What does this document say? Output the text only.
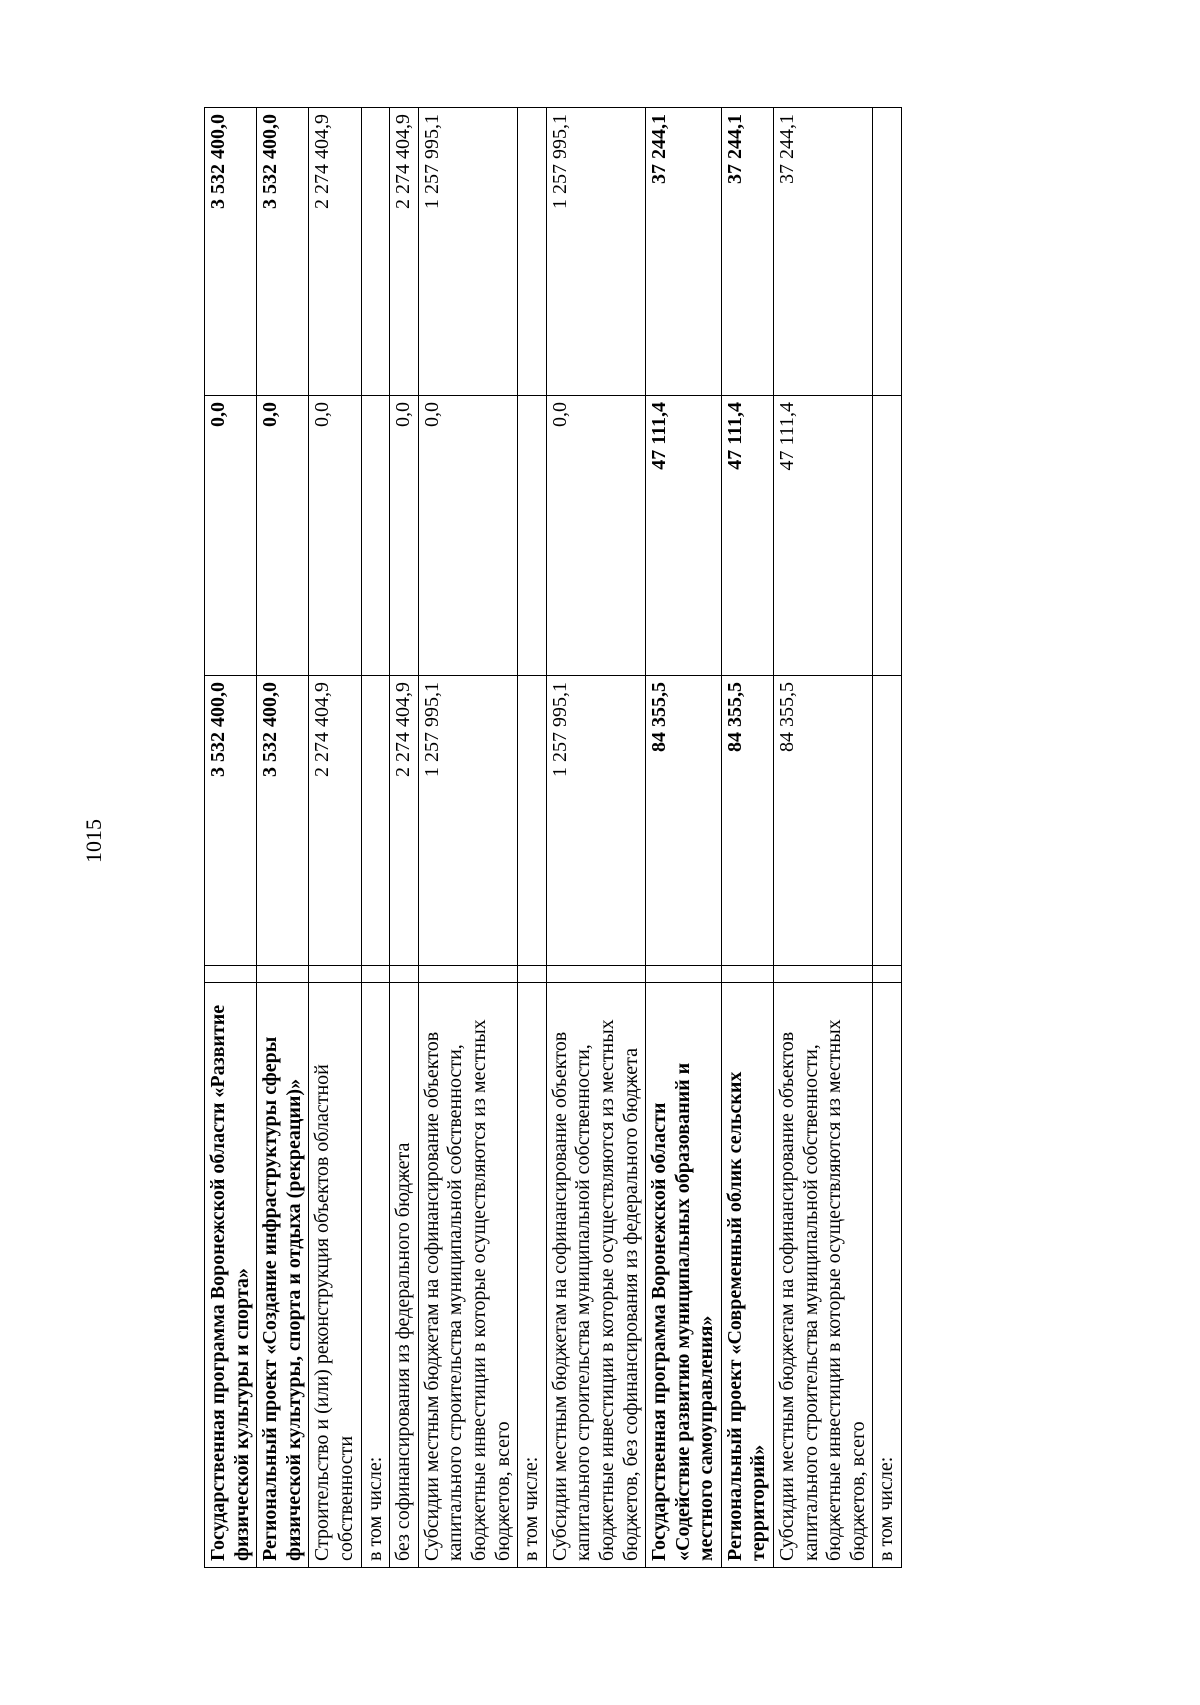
1015
Государственная программа Воронежской области «Развитие физической культуры и спорта»		3 532 400,0	0,0	3 532 400,0
Региональный проект «Создание инфраструктуры сферы физической культуры, спорта и отдыха (рекреации)»		3 532 400,0	0,0	3 532 400,0
Строительство и (или) реконструкция объектов областной собственности		2 274 404,9	0,0	2 274 404,9
в том числе:				
без софинансирования из федерального бюджета		2 274 404,9	0,0	2 274 404,9
Субсидии местным бюджетам на софинансирование объектов капитального строительства муниципальной собственности, бюджетные инвестиции в которые осуществляются из местных бюджетов, всего		1 257 995,1	0,0	1 257 995,1
в том числе:				
Субсидии местным бюджетам на софинансирование объектов капитального строительства муниципальной собственности, бюджетные инвестиции в которые осуществляются из местных бюджетов, без софинансирования из федерального бюджета		1 257 995,1	0,0	1 257 995,1
Государственная программа Воронежской области «Содействие развитию муниципальных образований и местного самоуправления»		84 355,5	47 111,4	37 244,1
Региональный проект «Современный облик сельских территорий»		84 355,5	47 111,4	37 244,1
Субсидии местным бюджетам на софинансирование объектов капитального строительства муниципальной собственности, бюджетные инвестиции в которые осуществляются из местных бюджетов, всего		84 355,5	47 111,4	37 244,1
в том числе:				
